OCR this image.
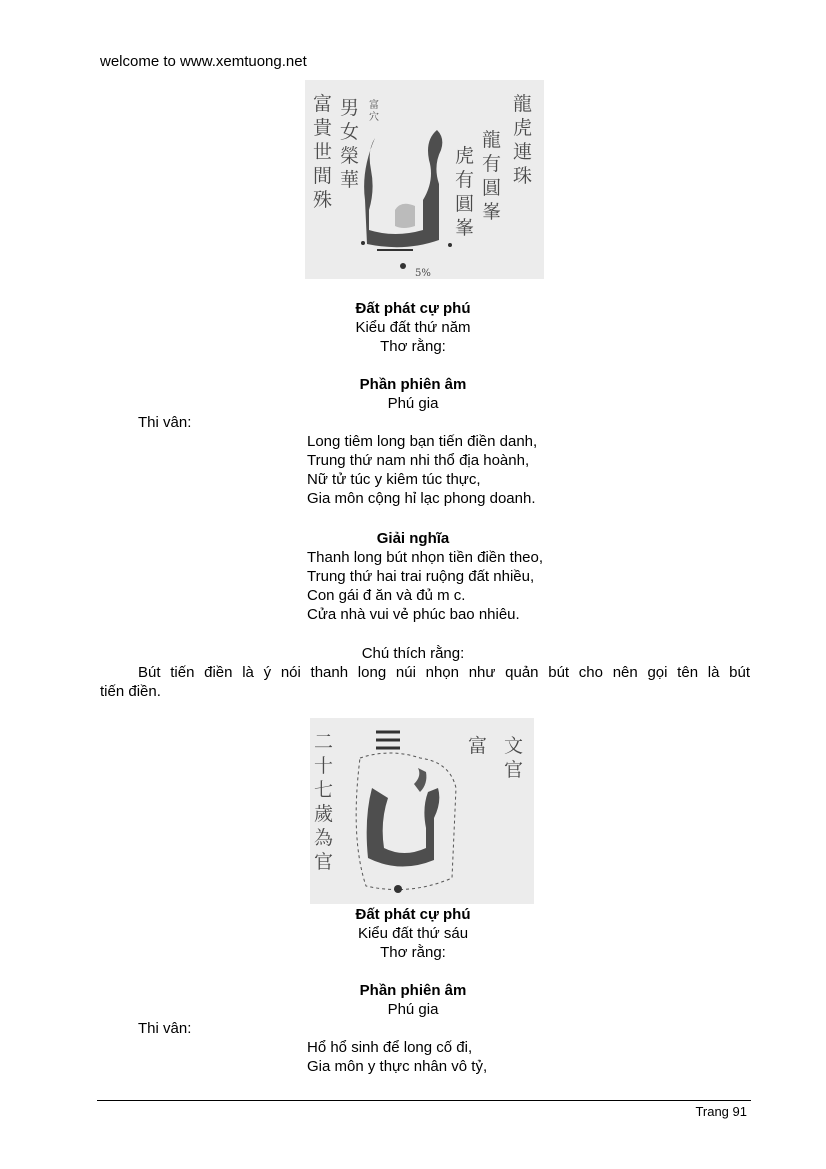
welcome to www.xemtuong.net
富 貴 世 間 殊
男 女 榮 華
富 穴
虎 有 圓 峯
龍 有 圓 峯
龍 虎 連 珠
5%
Đất phát cự phú
Kiểu đất thứ năm
Thơ rằng:
Phần phiên âm
Phú gia
Thi vân:
Long tiêm long bạn tiến điền danh,
Trung thứ nam nhi thổ địa hoành,
Nữ tử túc y kiêm túc thực,
Gia môn cộng hỉ lạc phong doanh.
Giải nghĩa
Thanh long bút nhọn tiền điền theo,
Trung thứ hai trai ruộng đất nhiều,
Con gái đ ăn và đủ m c.
Cửa nhà vui vẻ phúc bao nhiêu.
Chú thích rằng:
Bút tiến điền là ý nói thanh long núi nhọn như quản bút cho nên gọi tên là bút
tiến điền.
二 十 七 歲 為 官
富 文 官
Đất phát cự phú
Kiểu đất thứ sáu
Thơ rằng:
Phần phiên âm
Phú gia
Thi vân:
Hổ hổ sinh để long cố đi,
Gia môn y thực nhân vô tỷ,
Trang 91
